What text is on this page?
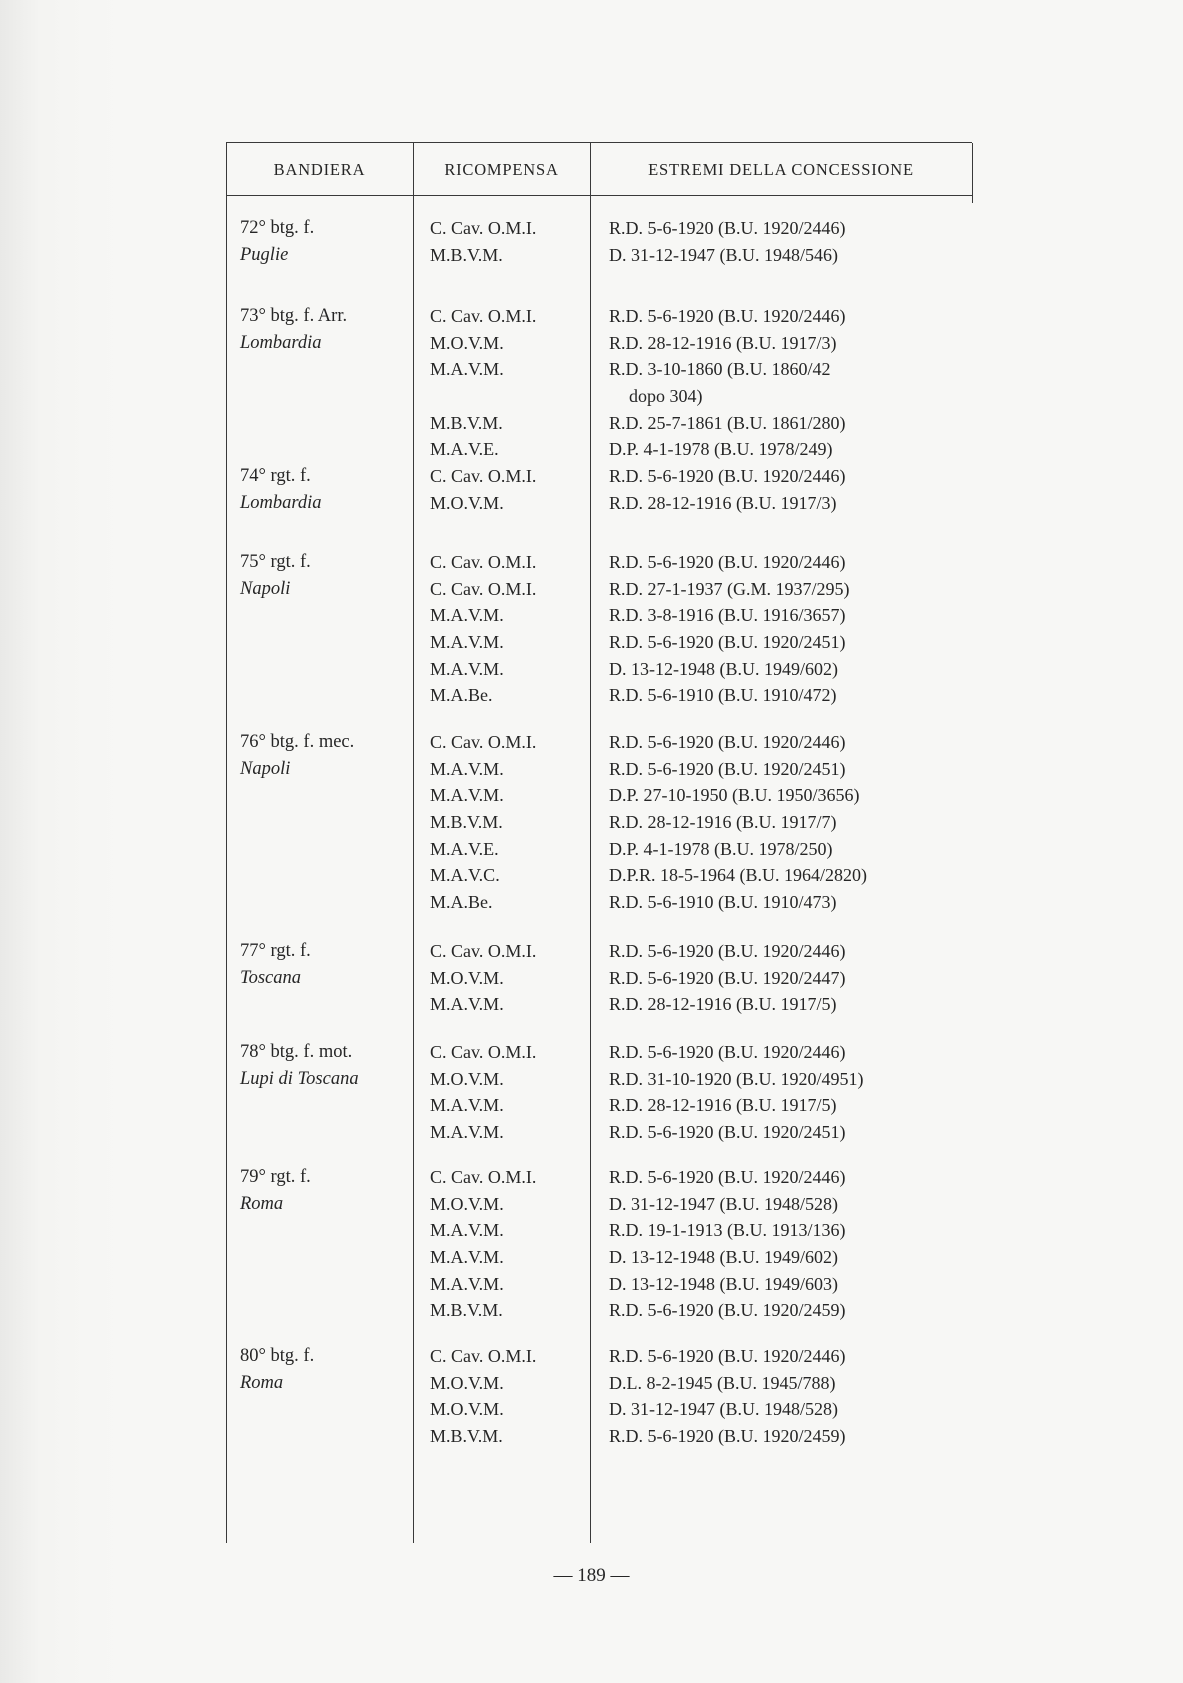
BANDIERA	RICOMPENSA	ESTREMI DELLA CONCESSIONE
72° btg. f.
Puglie
C. Cav. O.M.I.
M.B.V.M.
R.D. 5-6-1920 (B.U. 1920/2446)
D. 31-12-1947 (B.U. 1948/546)
73° btg. f. Arr.
Lombardia
C. Cav. O.M.I.
M.O.V.M.
M.A.V.M.
M.B.V.M.
M.A.V.E.
R.D. 5-6-1920 (B.U. 1920/2446)
R.D. 28-12-1916 (B.U. 1917/3)
R.D. 3-10-1860 (B.U. 1860/42
dopo 304)
R.D. 25-7-1861 (B.U. 1861/280)
D.P. 4-1-1978 (B.U. 1978/249)
74° rgt. f.
Lombardia
C. Cav. O.M.I.
M.O.V.M.
R.D. 5-6-1920 (B.U. 1920/2446)
R.D. 28-12-1916 (B.U. 1917/3)
75° rgt. f.
Napoli
C. Cav. O.M.I.
C. Cav. O.M.I.
M.A.V.M.
M.A.V.M.
M.A.V.M.
M.A.Be.
R.D. 5-6-1920 (B.U. 1920/2446)
R.D. 27-1-1937 (G.M. 1937/295)
R.D. 3-8-1916 (B.U. 1916/3657)
R.D. 5-6-1920 (B.U. 1920/2451)
D. 13-12-1948 (B.U. 1949/602)
R.D. 5-6-1910 (B.U. 1910/472)
76° btg. f. mec.
Napoli
C. Cav. O.M.I.
M.A.V.M.
M.A.V.M.
M.B.V.M.
M.A.V.E.
M.A.V.C.
M.A.Be.
R.D. 5-6-1920 (B.U. 1920/2446)
R.D. 5-6-1920 (B.U. 1920/2451)
D.P. 27-10-1950 (B.U. 1950/3656)
R.D. 28-12-1916 (B.U. 1917/7)
D.P. 4-1-1978 (B.U. 1978/250)
D.P.R. 18-5-1964 (B.U. 1964/2820)
R.D. 5-6-1910 (B.U. 1910/473)
77° rgt. f.
Toscana
C. Cav. O.M.I.
M.O.V.M.
M.A.V.M.
R.D. 5-6-1920 (B.U. 1920/2446)
R.D. 5-6-1920 (B.U. 1920/2447)
R.D. 28-12-1916 (B.U. 1917/5)
78° btg. f. mot.
Lupi di Toscana
C. Cav. O.M.I.
M.O.V.M.
M.A.V.M.
M.A.V.M.
R.D. 5-6-1920 (B.U. 1920/2446)
R.D. 31-10-1920 (B.U. 1920/4951)
R.D. 28-12-1916 (B.U. 1917/5)
R.D. 5-6-1920 (B.U. 1920/2451)
79° rgt. f.
Roma
C. Cav. O.M.I.
M.O.V.M.
M.A.V.M.
M.A.V.M.
M.A.V.M.
M.B.V.M.
R.D. 5-6-1920 (B.U. 1920/2446)
D. 31-12-1947 (B.U. 1948/528)
R.D. 19-1-1913 (B.U. 1913/136)
D. 13-12-1948 (B.U. 1949/602)
D. 13-12-1948 (B.U. 1949/603)
R.D. 5-6-1920 (B.U. 1920/2459)
80° btg. f.
Roma
C. Cav. O.M.I.
M.O.V.M.
M.O.V.M.
M.B.V.M.
R.D. 5-6-1920 (B.U. 1920/2446)
D.L. 8-2-1945 (B.U. 1945/788)
D. 31-12-1947 (B.U. 1948/528)
R.D. 5-6-1920 (B.U. 1920/2459)
— 189 —
